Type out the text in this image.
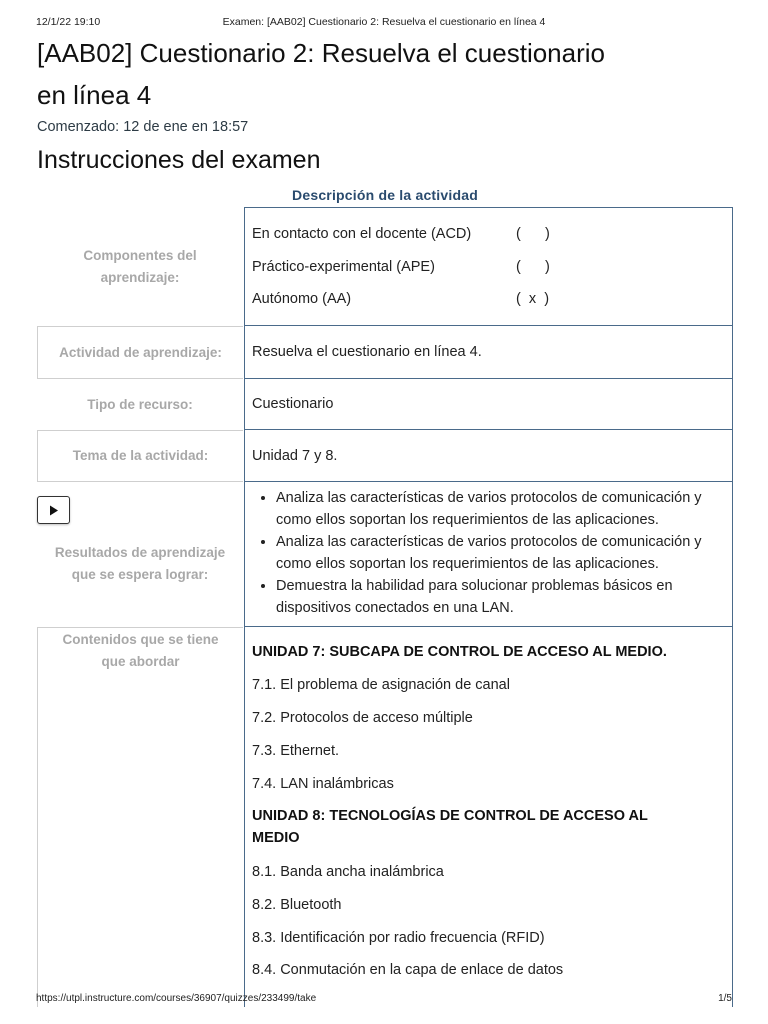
12/1/22 19:10	Examen: [AAB02] Cuestionario 2: Resuelva el cuestionario en línea 4
[AAB02] Cuestionario 2: Resuelva el cuestionario
en línea 4
Comenzado: 12 de ene en 18:57
Instrucciones del examen
Descripción de la actividad
Componentes del
aprendizaje:
En contacto con el docente (ACD)	(      )
Práctico-experimental (APE)	(      )
Autónomo (AA)	(  x  )
Actividad de aprendizaje:	Resuelva el cuestionario en línea 4.
Tipo de recurso:	Cuestionario
Tema de la actividad:	Unidad 7 y 8.
Resultados de aprendizaje
que se espera lograr:
• Analiza las características de varios protocolos de comunicación y como ellos soportan los requerimientos de las aplicaciones.
• Analiza las características de varios protocolos de comunicación y como ellos soportan los requerimientos de las aplicaciones.
• Demuestra la habilidad para solucionar problemas básicos en dispositivos conectados en una LAN.
Contenidos que se tiene
que abordar
UNIDAD 7: SUBCAPA DE CONTROL DE ACCESO AL MEDIO.
7.1. El problema de asignación de canal
7.2. Protocolos de acceso múltiple
7.3. Ethernet.
7.4. LAN inalámbricas
UNIDAD 8: TECNOLOGÍAS DE CONTROL DE ACCESO AL
MEDIO
8.1. Banda ancha inalámbrica
8.2. Bluetooth
8.3. Identificación por radio frecuencia (RFID)
8.4. Conmutación en la capa de enlace de datos
https://utpl.instructure.com/courses/36907/quizzes/233499/take	1/5
